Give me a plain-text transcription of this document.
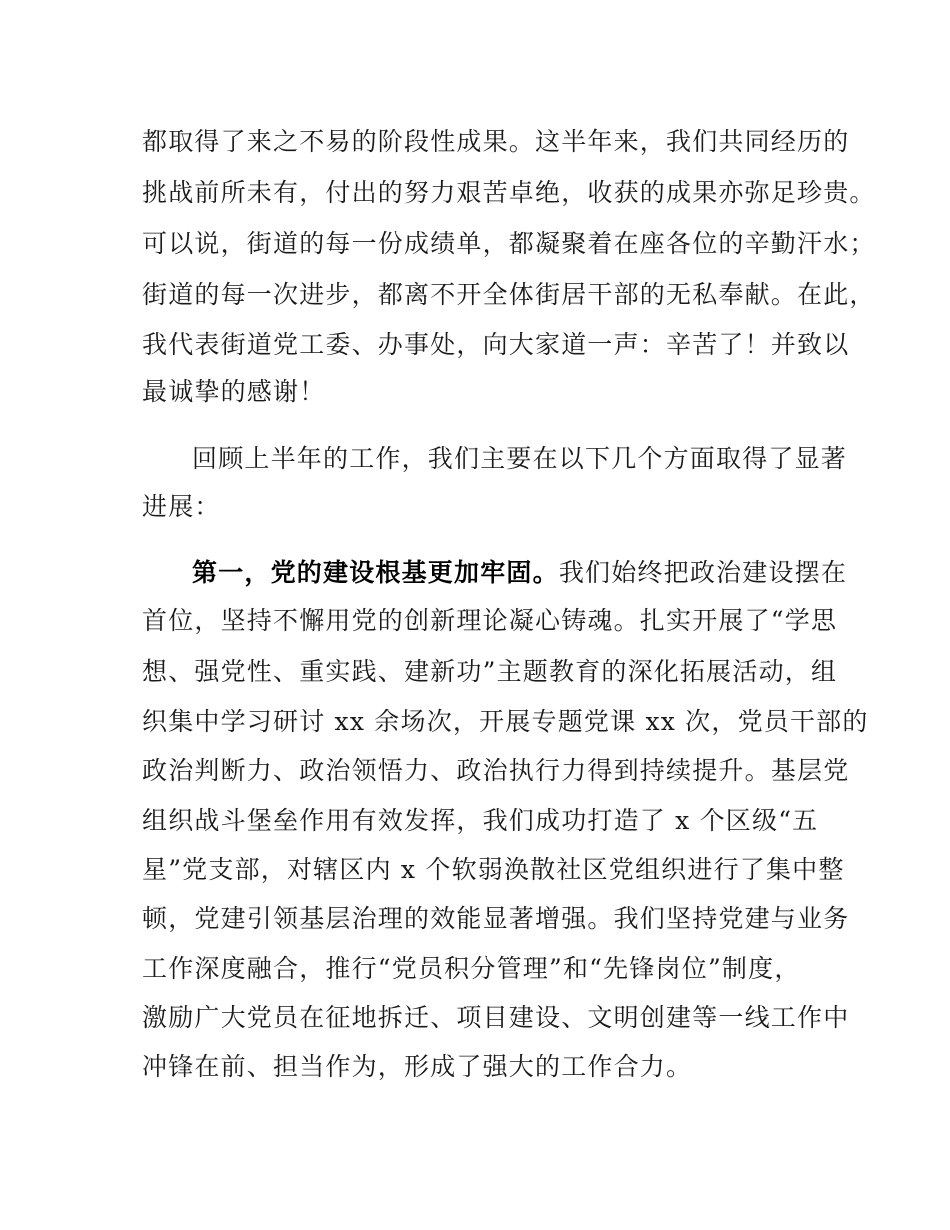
都取得了来之不易的阶段性成果。这半年来，我们共同经历的

挑战前所未有，付出的努力艰苦卓绝，收获的成果亦弥足珍贵。

可以说，街道的每一份成绩单，都凝聚着在座各位的辛勤汗水；

街道的每一次进步，都离不开全体街居干部的无私奉献。在此，

我代表街道党工委、办事处，向大家道一声：辛苦了！并致以

最诚挚的感谢！

回顾上半年的工作，我们主要在以下几个方面取得了显著

进展：

第一，党的建设根基更加牢固。我们始终把政治建设摆在

首位，坚持不懈用党的创新理论凝心铸魂。扎实开展了“学思

想、强党性、重实践、建新功”主题教育的深化拓展活动，组

织集中学习研讨 xx 余场次，开展专题党课 xx 次，党员干部的

政治判断力、政治领悟力、政治执行力得到持续提升。基层党

组织战斗堡垒作用有效发挥，我们成功打造了 x 个区级“五

星”党支部，对辖区内 x 个软弱涣散社区党组织进行了集中整

顿，党建引领基层治理的效能显著增强。我们坚持党建与业务

工作深度融合，推行“党员积分管理”和“先锋岗位”制度，

激励广大党员在征地拆迁、项目建设、文明创建等一线工作中

冲锋在前、担当作为，形成了强大的工作合力。
